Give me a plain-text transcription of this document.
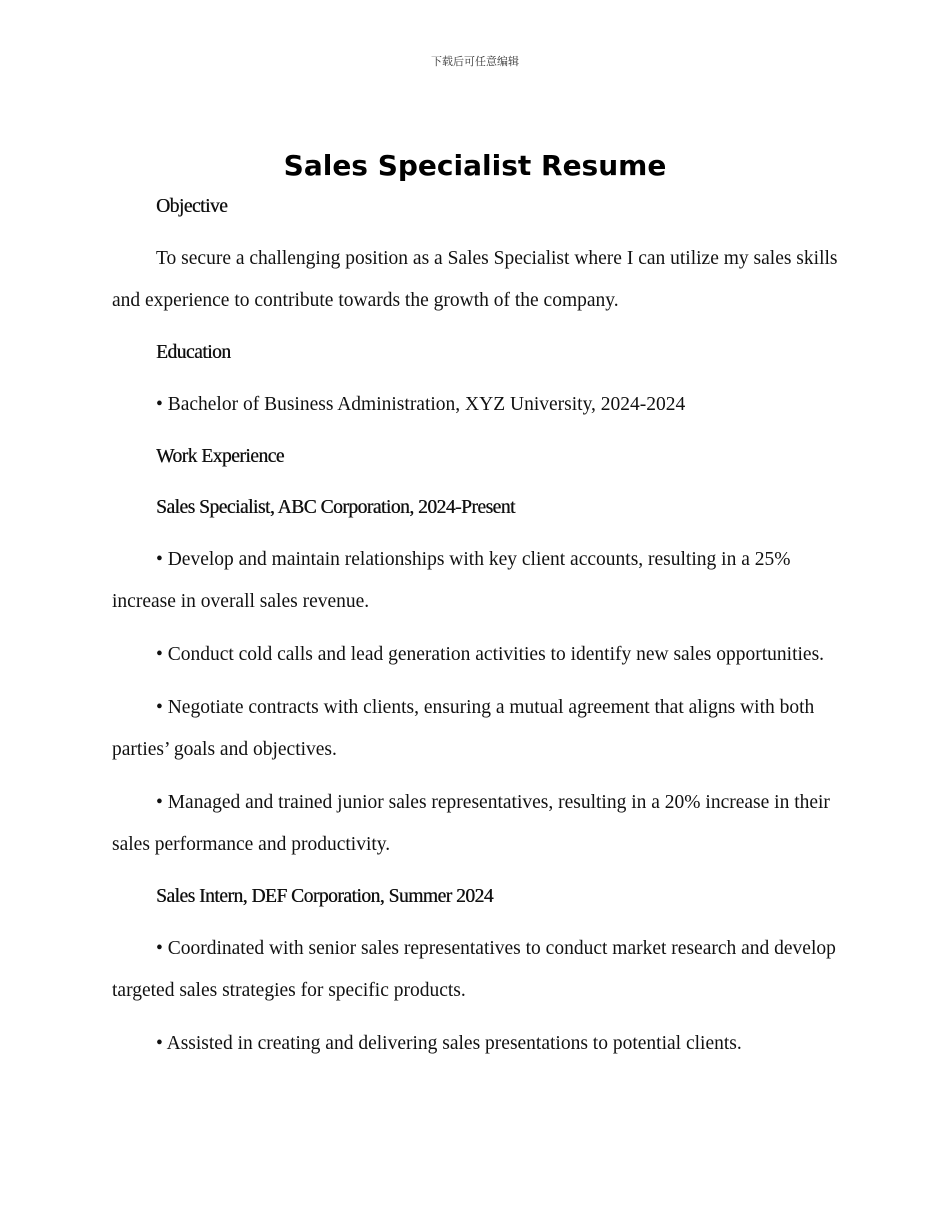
下载后可任意编辑
Sales Specialist Resume

Objective

To secure a challenging position as a Sales Specialist where I can utilize my sales skills and experience to contribute towards the growth of the company.

Education

• Bachelor of Business Administration, XYZ University, 2024-2024

Work Experience

Sales Specialist, ABC Corporation, 2024-Present

• Develop and maintain relationships with key client accounts, resulting in a 25% increase in overall sales revenue.

• Conduct cold calls and lead generation activities to identify new sales opportunities.

• Negotiate contracts with clients, ensuring a mutual agreement that aligns with both parties’ goals and objectives.

• Managed and trained junior sales representatives, resulting in a 20% increase in their sales performance and productivity.

Sales Intern, DEF Corporation, Summer 2024

• Coordinated with senior sales representatives to conduct market research and develop targeted sales strategies for specific products.

• Assisted in creating and delivering sales presentations to potential clients.
